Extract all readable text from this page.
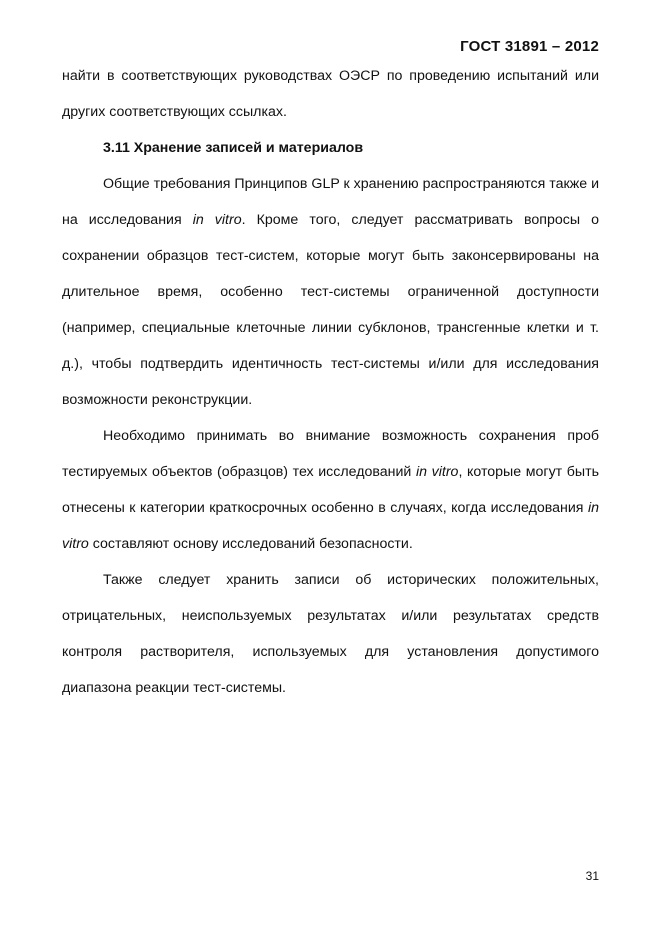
ГОСТ 31891 – 2012

найти в соответствующих руководствах ОЭСР по проведению испытаний или других соответствующих ссылках.

3.11 Хранение записей и материалов

Общие требования Принципов GLP к хранению распространяются также и на исследования in vitro. Кроме того, следует рассматривать вопросы о сохранении образцов тест-систем, которые могут быть законсервированы на длительное время, особенно тест-системы ограниченной доступности (например, специальные клеточные линии субклонов, трансгенные клетки и т. д.), чтобы подтвердить идентичность тест-системы и/или для исследования возможности реконструкции.

Необходимо принимать во внимание возможность сохранения проб тестируемых объектов (образцов) тех исследований in vitro, которые могут быть отнесены к категории краткосрочных особенно в случаях, когда исследования in vitro составляют основу исследований безопасности.

Также следует хранить записи об исторических положительных, отрицательных, неиспользуемых результатах и/или результатах средств контроля растворителя, используемых для установления допустимого диапазона реакции тест-системы.

31
